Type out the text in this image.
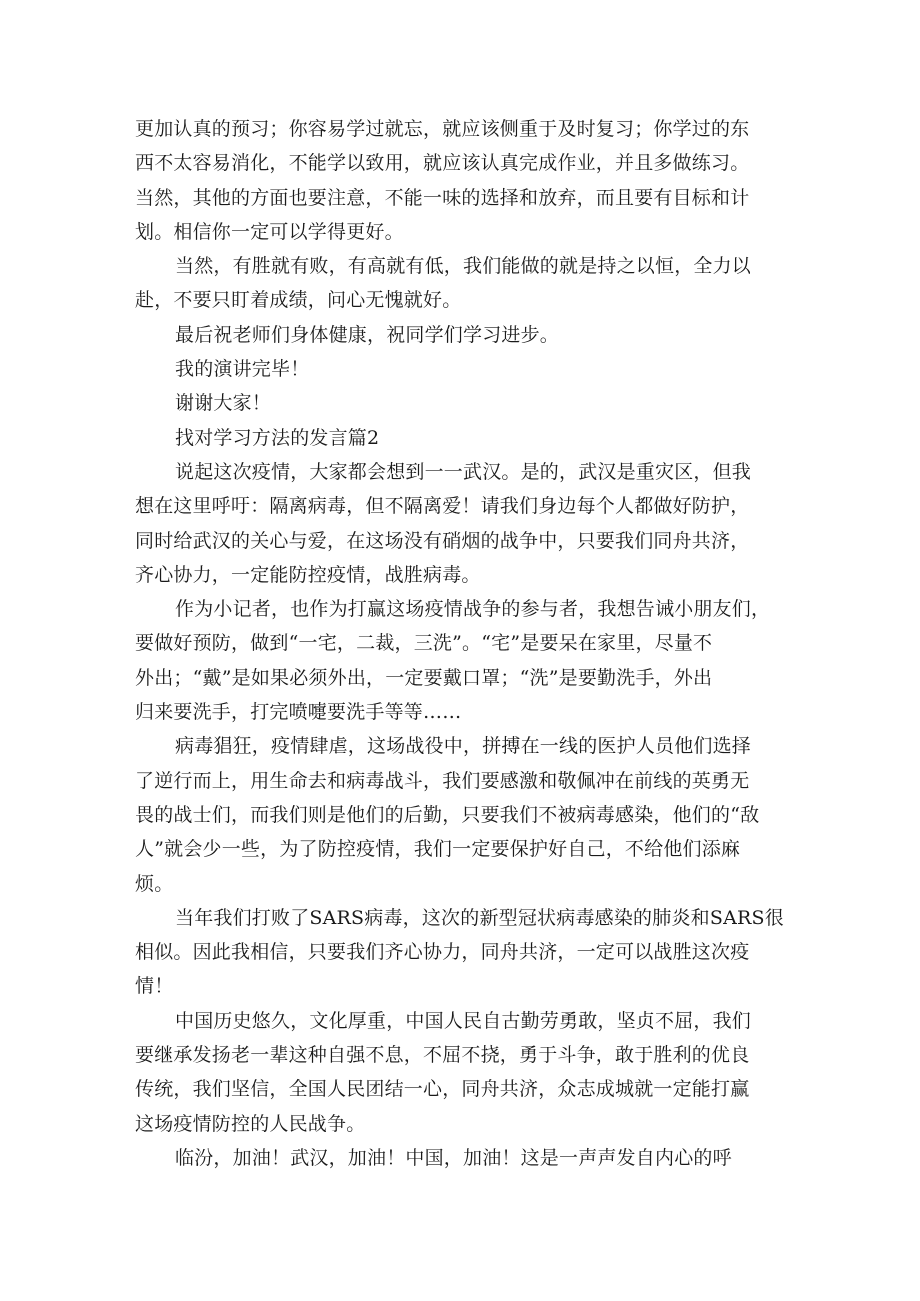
更加认真的预习；你容易学过就忘，就应该侧重于及时复习；你学过的东
西不太容易消化，不能学以致用，就应该认真完成作业，并且多做练习。
当然，其他的方面也要注意，不能一味的选择和放弃，而且要有目标和计
划。相信你一定可以学得更好。
当然，有胜就有败，有高就有低，我们能做的就是持之以恒，全力以
赴，不要只盯着成绩，问心无愧就好。
最后祝老师们身体健康，祝同学们学习进步。
我的演讲完毕！
谢谢大家！
找对学习方法的发言篇2
说起这次疫情，大家都会想到一一武汉。是的，武汉是重灾区，但我
想在这里呼吁：隔离病毒，但不隔离爱！请我们身边每个人都做好防护，
同时给武汉的关心与爱，在这场没有硝烟的战争中，只要我们同舟共济，
齐心协力，一定能防控疫情，战胜病毒。
作为小记者，也作为打赢这场疫情战争的参与者，我想告诫小朋友们，
要做好预防，做到“一宅，二裁，三洗”。“宅”是要呆在家里，尽量不
外出；“戴”是如果必须外出，一定要戴口罩；“洗”是要勤洗手，外出
归来要洗手，打完喷嚏要洗手等等……
病毒猖狂，疫情肆虐，这场战役中，拼搏在一线的医护人员他们选择
了逆行而上，用生命去和病毒战斗，我们要感激和敬佩冲在前线的英勇无
畏的战士们，而我们则是他们的后勤，只要我们不被病毒感染，他们的“敌
人”就会少一些，为了防控疫情，我们一定要保护好自己，不给他们添麻
烦。
当年我们打败了SARS病毒，这次的新型冠状病毒感染的肺炎和SARS很
相似。因此我相信，只要我们齐心协力，同舟共济，一定可以战胜这次疫
情！
中国历史悠久，文化厚重，中国人民自古勤劳勇敢，坚贞不屈，我们
要继承发扬老一辈这种自强不息，不屈不挠，勇于斗争，敢于胜利的优良
传统，我们坚信，全国人民团结一心，同舟共济，众志成城就一定能打赢
这场疫情防控的人民战争。
临汾，加油！武汉，加油！中国，加油！这是一声声发自内心的呼
